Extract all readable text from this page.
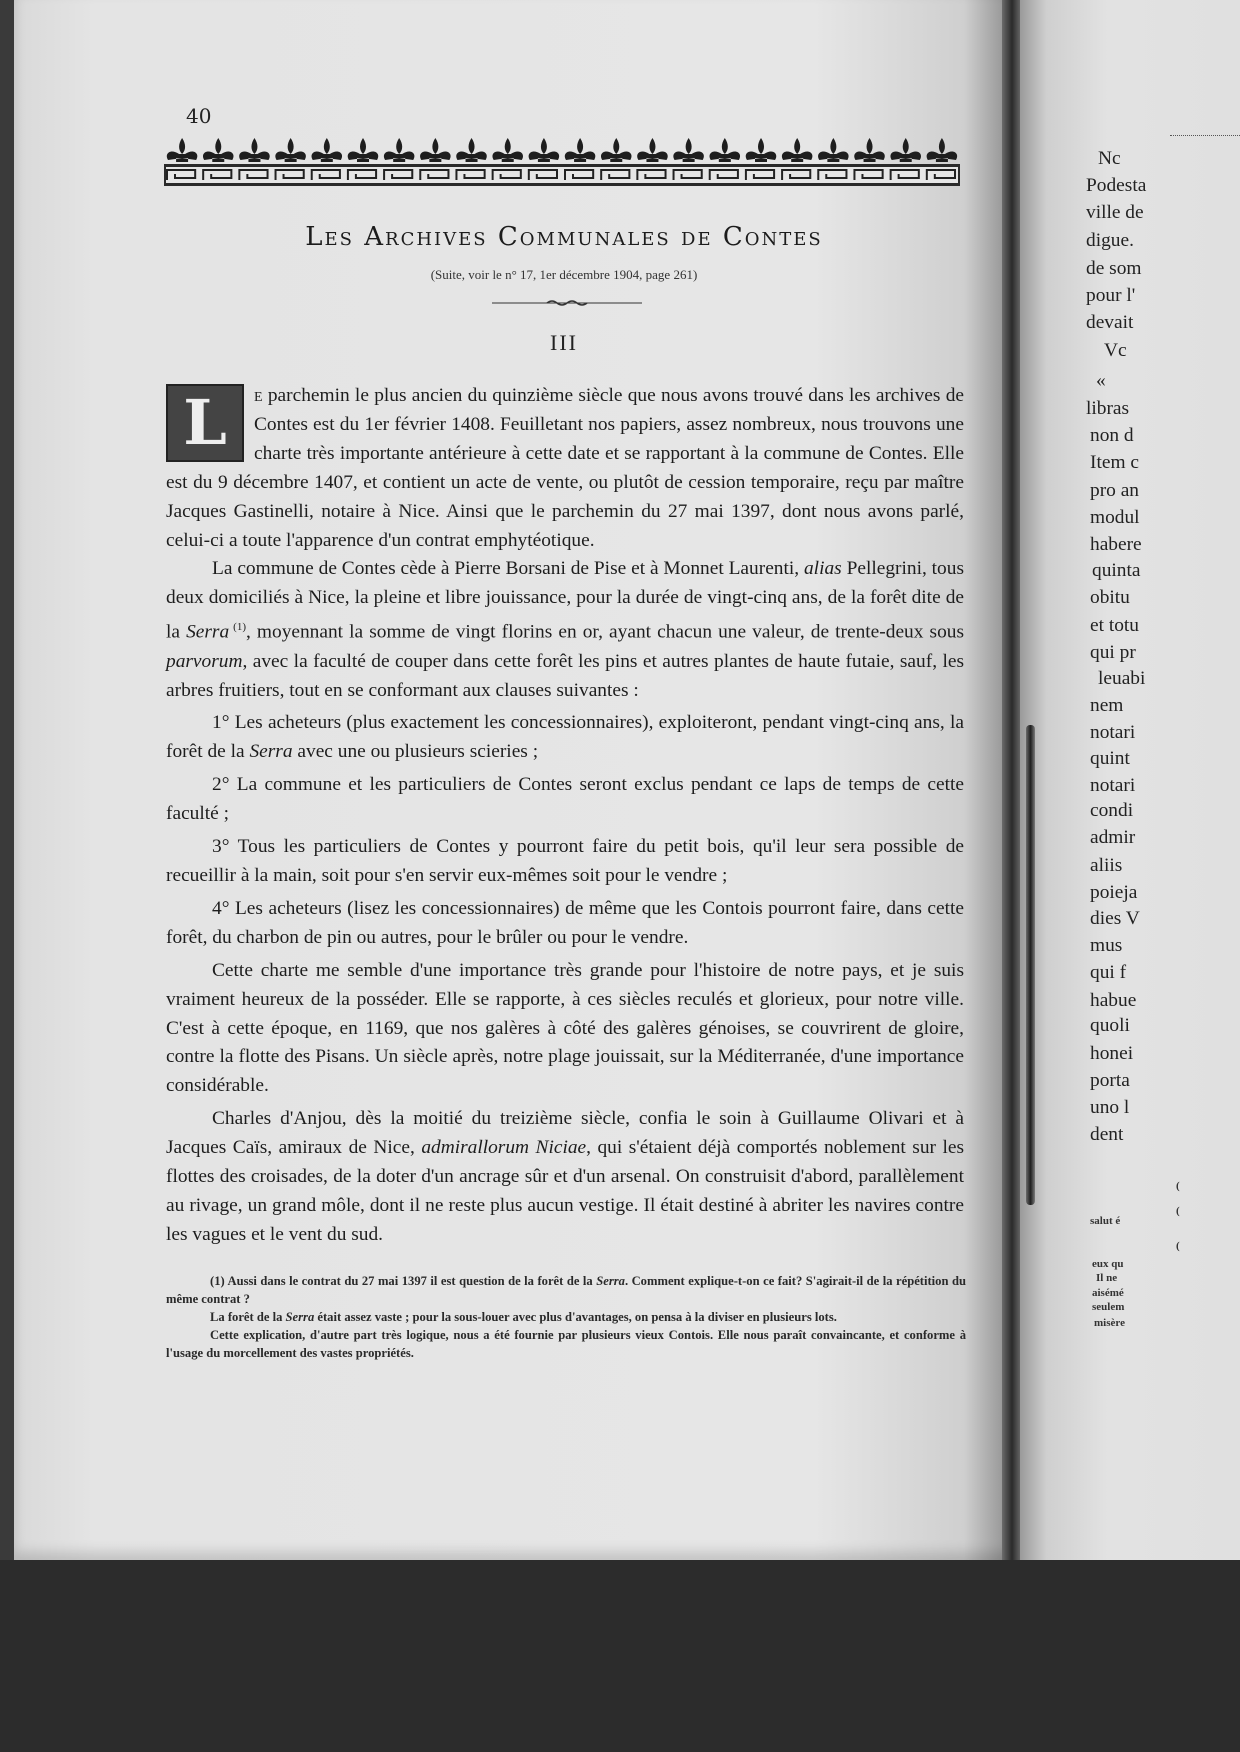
Nc
Podesta
ville de
digue.
de som
pour l'
devait
Vc
«
libras
non d
Item c
pro an
modul
habere
quinta
obitu
et totu
qui pr
leuabi
nem
notari
quint
notari
condi
admir
aliis
poieja
dies V
mus
qui f
habue
quoli
honei
porta
uno l
dent
(
(
salut é
(
eux qu
Il ne
aisémé
seulem
misère
40
Les Archives Communales de Contes
(Suite, voir le n° 17, 1er décembre 1904, page 261)
III

L	e parchemin le plus ancien du quinzième siècle que nous avons trouvé dans les archives de Contes est du 1er février 1408. Feuilletant nos papiers, assez nombreux, nous trouvons une charte très importante antérieure à cette date et se rapportant à la commune de Contes. Elle est du 9 décembre 1407, et contient un acte de vente, ou plutôt de cession temporaire, reçu par maître Jacques Gastinelli, notaire à Nice. Ainsi que le parchemin du 27 mai 1397, dont nous avons parlé, celui-ci a toute l'apparence d'un contrat emphytéotique.

La commune de Contes cède à Pierre Borsani de Pise et à Monnet Laurenti, alias Pellegrini, tous deux domiciliés à Nice, la pleine et libre jouissance, pour la durée de vingt-cinq ans, de la forêt dite de la Serra $^{(1)}$, moyennant la somme de vingt florins en or, ayant chacun une valeur, de trente-deux sous parvorum, avec la faculté de couper dans cette forêt les pins et autres plantes de haute futaie, sauf, les arbres fruitiers, tout en se conformant aux clauses suivantes :

1° Les acheteurs (plus exactement les concessionnaires), exploiteront, pendant vingt-cinq ans, la forêt de la Serra avec une ou plusieurs scieries ;

2° La commune et les particuliers de Contes seront exclus pendant ce laps de temps de cette faculté ;

3° Tous les particuliers de Contes y pourront faire du petit bois, qu'il leur sera possible de recueillir à la main, soit pour s'en servir eux-mêmes soit pour le vendre ;

4° Les acheteurs (lisez les concessionnaires) de même que les Contois pourront faire, dans cette forêt, du charbon de pin ou autres, pour le brûler ou pour le vendre.

Cette charte me semble d'une importance très grande pour l'histoire de notre pays, et je suis vraiment heureux de la posséder. Elle se rapporte, à ces siècles reculés et glorieux, pour notre ville. C'est à cette époque, en 1169, que nos galères à côté des galères génoises, se couvrirent de gloire, contre la flotte des Pisans. Un siècle après, notre plage jouissait, sur la Méditerranée, d'une importance considérable.

Charles d'Anjou, dès la moitié du treizième siècle, confia le soin à Guillaume Olivari et à Jacques Caïs, amiraux de Nice, admirallorum Niciae, qui s'étaient déjà comportés noblement sur les flottes des croisades, de la doter d'un ancrage sûr et d'un arsenal. On construisit d'abord, parallèlement au rivage, un grand môle, dont il ne reste plus aucun vestige. Il était destiné à abriter les navires contre les vagues et le vent du sud.

(1) Aussi dans le contrat du 27 mai 1397 il est question de la forêt de la Serra. Comment explique-t-on ce fait? S'agirait-il de la répétition du même contrat ?

La forêt de la Serra était assez vaste ; pour la sous-louer avec plus d'avantages, on pensa à la diviser en plusieurs lots.

Cette explication, d'autre part très logique, nous a été fournie par plusieurs vieux Contois. Elle nous paraît convaincante, et conforme à l'usage du morcellement des vastes propriétés.
